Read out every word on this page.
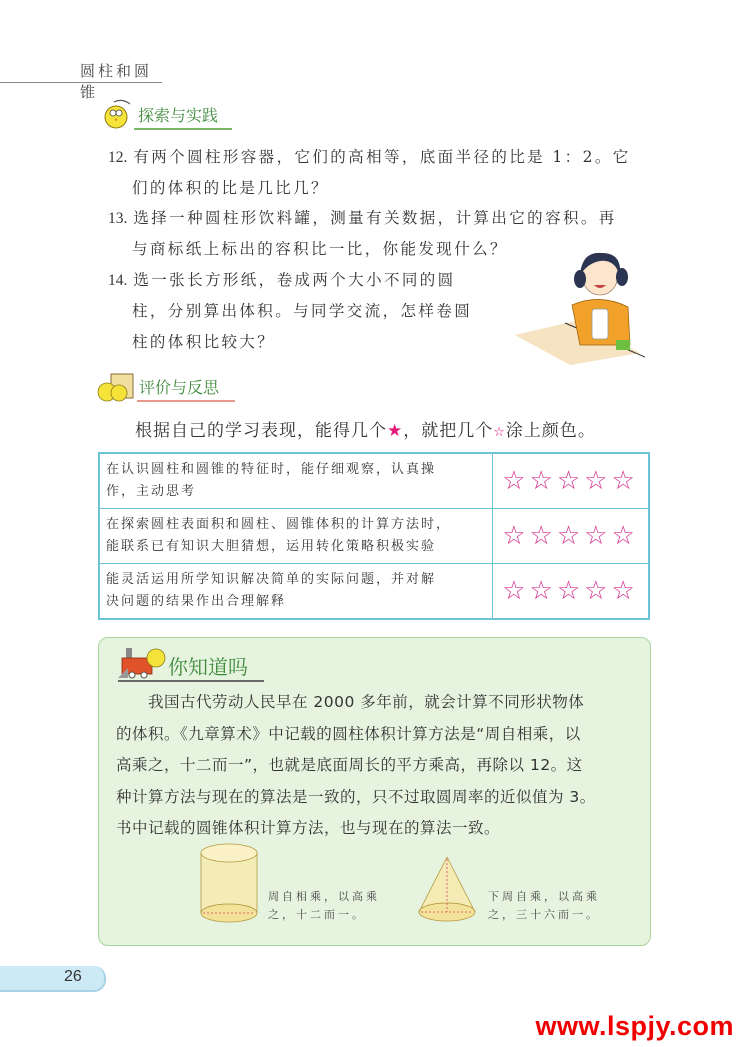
圆柱和圆锥
探索与实践
12. 有两个圆柱形容器，它们的高相等，底面半径的比是 1：2。它
们的体积的比是几比几？
13. 选择一种圆柱形饮料罐，测量有关数据，计算出它的容积。再
与商标纸上标出的容积比一比，你能发现什么？
14. 选一张长方形纸，卷成两个大小不同的圆
柱，分别算出体积。与同学交流，怎样卷圆
柱的体积比较大？
评价与反思
根据自己的学习表现，能得几个★，就把几个☆涂上颜色。
在认识圆柱和圆锥的特征时，能仔细观察，认真操
作，主动思考	☆☆☆☆☆

在探索圆柱表面积和圆柱、圆锥体积的计算方法时，
能联系已有知识大胆猜想，运用转化策略积极实验	☆☆☆☆☆

能灵活运用所学知识解决简单的实际问题，并对解
决问题的结果作出合理解释	☆☆☆☆☆
你知道吗
我国古代劳动人民早在 2000 多年前，就会计算不同形状物体
的体积。《九章算术》中记载的圆柱体积计算方法是“周自相乘，以
高乘之，十二而一”，也就是底面周长的平方乘高，再除以 12。这
种计算方法与现在的算法是一致的，只不过取圆周率的近似值为 3。
书中记载的圆锥体积计算方法，也与现在的算法一致。
周自相乘，以高乘
之，十二而一。
下周自乘，以高乘
之，三十六而一。
26
www.lspjy.com
